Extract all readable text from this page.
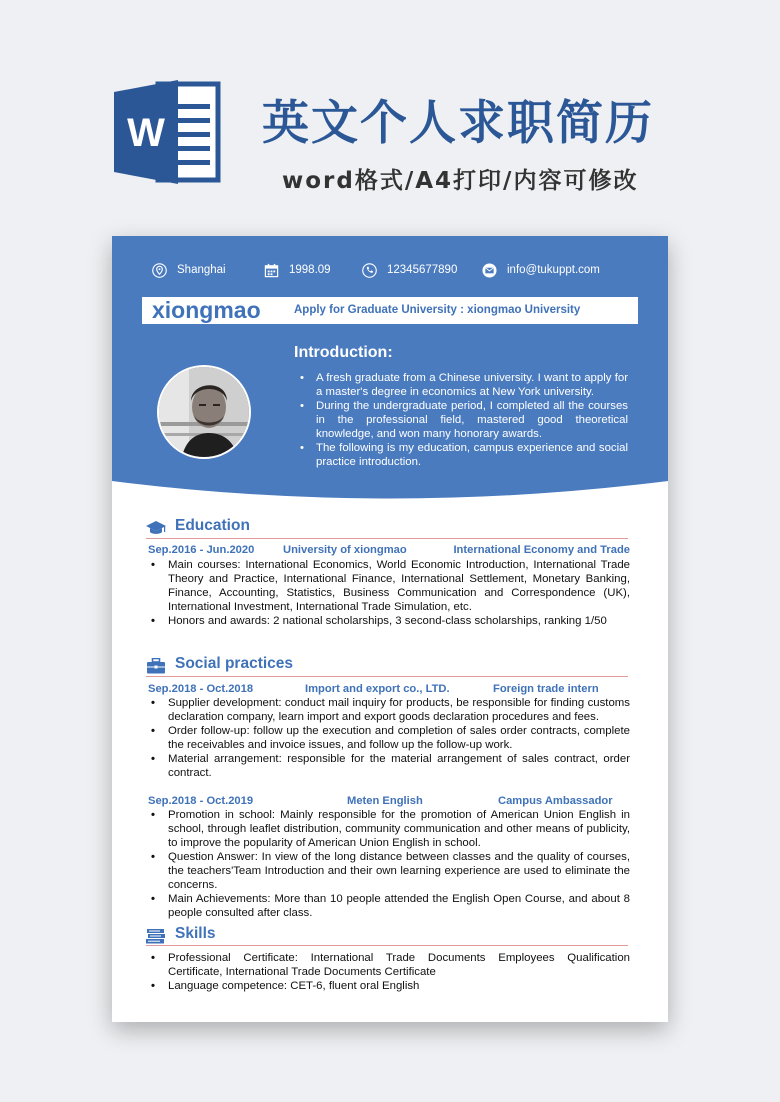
W 英文个人求职简历
word格式/A4打印/内容可修改
Shanghai	1998.09	12345677890	info@tukuppt.com
xiongmao	Apply for Graduate University : xiongmao University
Introduction:
• A fresh graduate from a Chinese university. I want to apply for a master's degree in economics at New York university.
• During the undergraduate period, I completed all the courses in the professional field, mastered good theoretical knowledge, and won many honorary awards.
• The following is my education, campus experience and social practice introduction.
Education
Sep.2016 - Jun.2020	University of xiongmao	International Economy and Trade
• Main courses: International Economics, World Economic Introduction, International Trade Theory and Practice, International Finance, International Settlement, Monetary Banking, Finance, Accounting, Statistics, Business Communication and Correspondence (UK), International Investment, International Trade Simulation, etc.
• Honors and awards: 2 national scholarships, 3 second-class scholarships, ranking 1/50
Social practices
Sep.2018 - Oct.2018	Import and export co., LTD.	Foreign trade intern
• Supplier development: conduct mail inquiry for products, be responsible for finding customs declaration company, learn import and export goods declaration procedures and fees.
• Order follow-up: follow up the execution and completion of sales order contracts, complete the receivables and invoice issues, and follow up the follow-up work.
• Material arrangement: responsible for the material arrangement of sales contract, order contract.
Sep.2018 - Oct.2019	Meten English	Campus Ambassador
• Promotion in school: Mainly responsible for the promotion of American Union English in school, through leaflet distribution, community communication and other means of publicity, to improve the popularity of American Union English in school.
• Question Answer: In view of the long distance between classes and the quality of courses, the teachers'Team Introduction and their own learning experience are used to eliminate the concerns.
• Main Achievements: More than 10 people attended the English Open Course, and about 8 people consulted after class.
Skills
• Professional Certificate: International Trade Documents Employees Qualification Certificate, International Trade Documents Certificate
• Language competence: CET-6, fluent oral English
